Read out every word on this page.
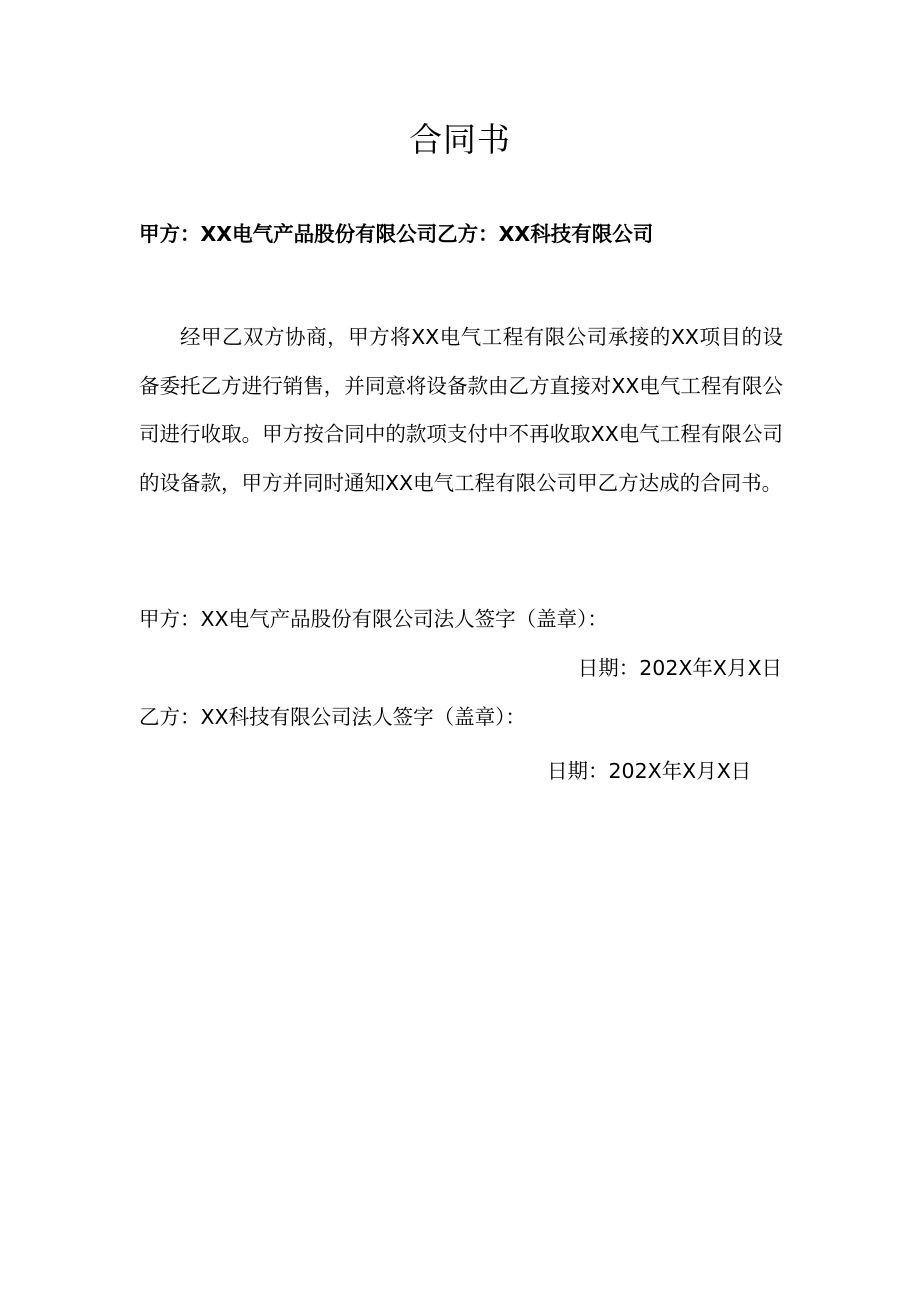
合同书
甲方：XX电气产品股份有限公司乙方：XX科技有限公司
经甲乙双方协商，甲方将XX电气工程有限公司承接的XX项目的设备委托乙方进行销售，并同意将设备款由乙方直接对XX电气工程有限公司进行收取。甲方按合同中的款项支付中不再收取XX电气工程有限公司的设备款，甲方并同时通知XX电气工程有限公司甲乙方达成的合同书。
甲方：XX电气产品股份有限公司法人签字（盖章）：
日期：202X年X月X日
乙方：XX科技有限公司法人签字（盖章）：
日期：202X年X月X日
